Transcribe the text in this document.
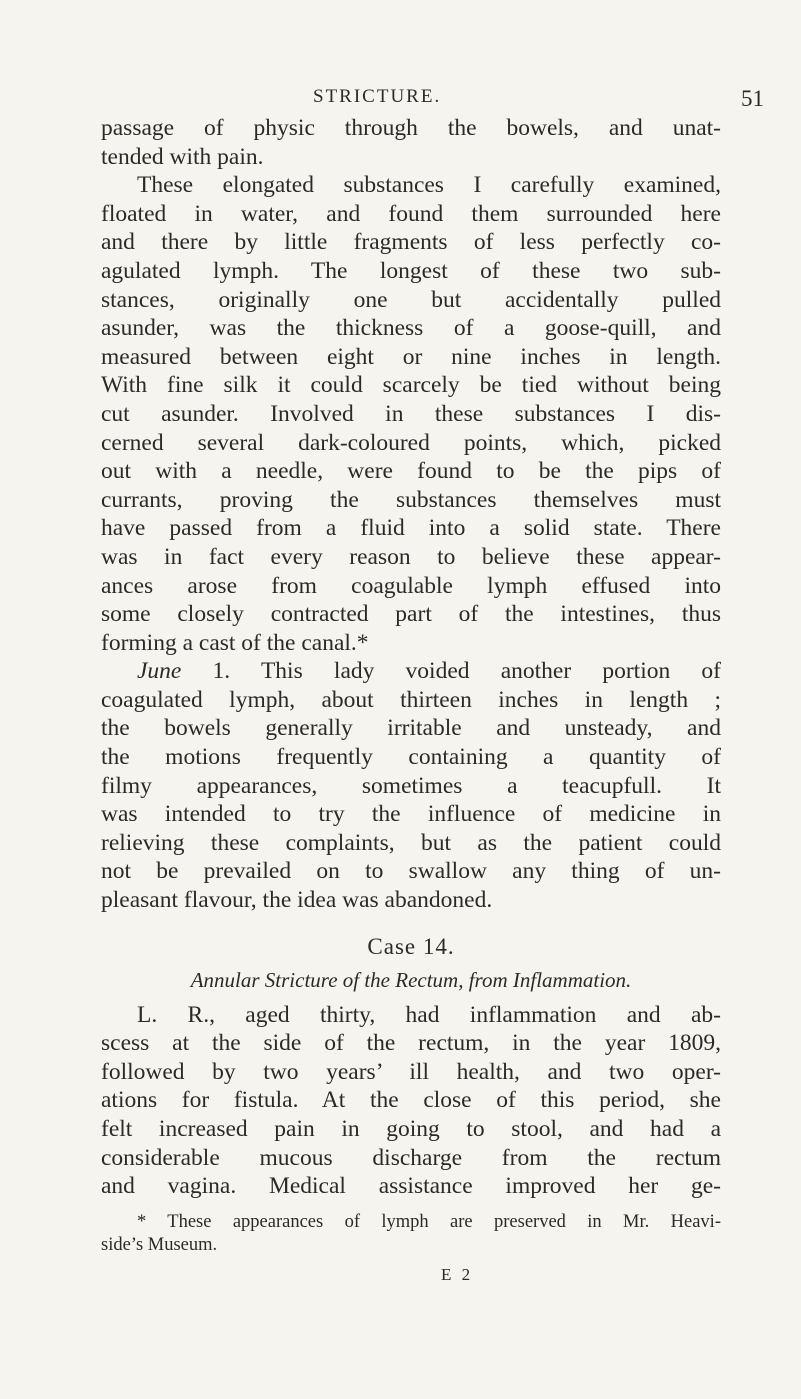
STRICTURE.	51
passage of physic through the bowels, and unat-
tended with pain.
These elongated substances I carefully examined,
floated in water, and found them surrounded here
and there by little fragments of less perfectly co-
agulated lymph. The longest of these two sub-
stances, originally one but accidentally pulled
asunder, was the thickness of a goose-quill, and
measured between eight or nine inches in length.
With fine silk it could scarcely be tied without being
cut asunder. Involved in these substances I dis-
cerned several dark-coloured points, which, picked
out with a needle, were found to be the pips of
currants, proving the substances themselves must
have passed from a fluid into a solid state. There
was in fact every reason to believe these appear-
ances arose from coagulable lymph effused into
some closely contracted part of the intestines, thus
forming a cast of the canal.*
June 1. This lady voided another portion of
coagulated lymph, about thirteen inches in length ;
the bowels generally irritable and unsteady, and
the motions frequently containing a quantity of
filmy appearances, sometimes a teacupfull. It
was intended to try the influence of medicine in
relieving these complaints, but as the patient could
not be prevailed on to swallow any thing of un-
pleasant flavour, the idea was abandoned.
Case 14.
Annular Stricture of the Rectum, from Inflammation.
L. R., aged thirty, had inflammation and ab-
scess at the side of the rectum, in the year 1809,
followed by two years’ ill health, and two oper-
ations for fistula. At the close of this period, she
felt increased pain in going to stool, and had a
considerable mucous discharge from the rectum
and vagina. Medical assistance improved her ge-
* These appearances of lymph are preserved in Mr. Heavi-
side’s Museum.
E 2
